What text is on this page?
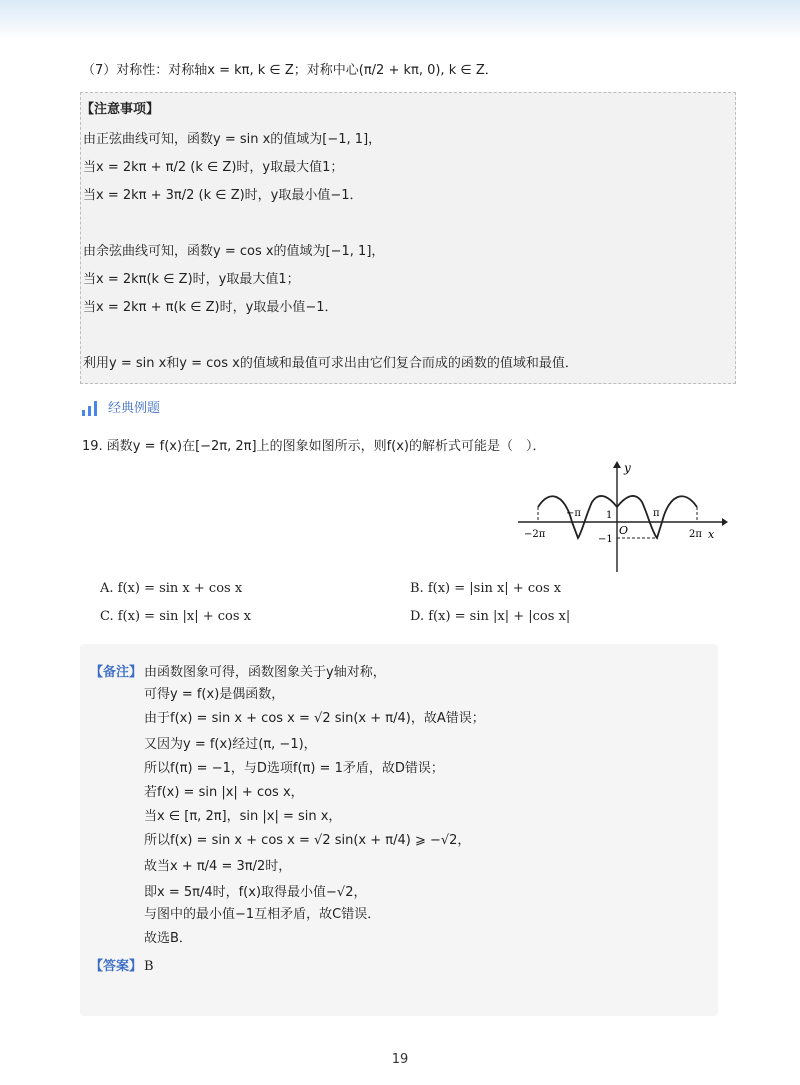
（7）对称性：对称轴x = kπ, k ∈ Z；对称中心(π/2 + kπ, 0), k ∈ Z．
【注意事项】
由正弦曲线可知，函数y = sin x的值域为[−1, 1]，
当x = 2kπ + π/2 (k ∈ Z)时，y取最大值1；
当x = 2kπ + 3π/2 (k ∈ Z)时，y取最小值−1．
由余弦曲线可知，函数y = cos x的值域为[−1, 1]，
当x = 2kπ(k ∈ Z)时，y取最大值1；
当x = 2kπ + π(k ∈ Z)时，y取最小值−1．
利用y = sin x和y = cos x的值域和最值可求出由它们复合而成的函数的值域和最值．
经典例题
19. 函数y = f(x)在[−2π, 2π]上的图象如图所示，则f(x)的解析式可能是（　）．
y
x
O
−2π
−π	π
2π
1
−1
A. f(x) = sin x + cos x	B. f(x) = |sin x| + cos x
C. f(x) = sin |x| + cos x	D. f(x) = sin |x| + |cos x|
【备注】 由函数图象可得，函数图象关于y轴对称，
可得y = f(x)是偶函数，
由于f(x) = sin x + cos x = √2 sin(x + π/4)，故A错误；
又因为y = f(x)经过(π, −1)，
所以f(π) = −1，与D选项f(π) = 1矛盾，故D错误；
若f(x) = sin |x| + cos x，
当x ∈ [π, 2π]，sin |x| = sin x，
所以f(x) = sin x + cos x = √2 sin(x + π/4) ⩾ −√2，
故当x + π/4 = 3π/2时，
即x = 5π/4时，f(x)取得最小值−√2，
与图中的最小值−1互相矛盾，故C错误．
故选B．
【答案】 B
19
